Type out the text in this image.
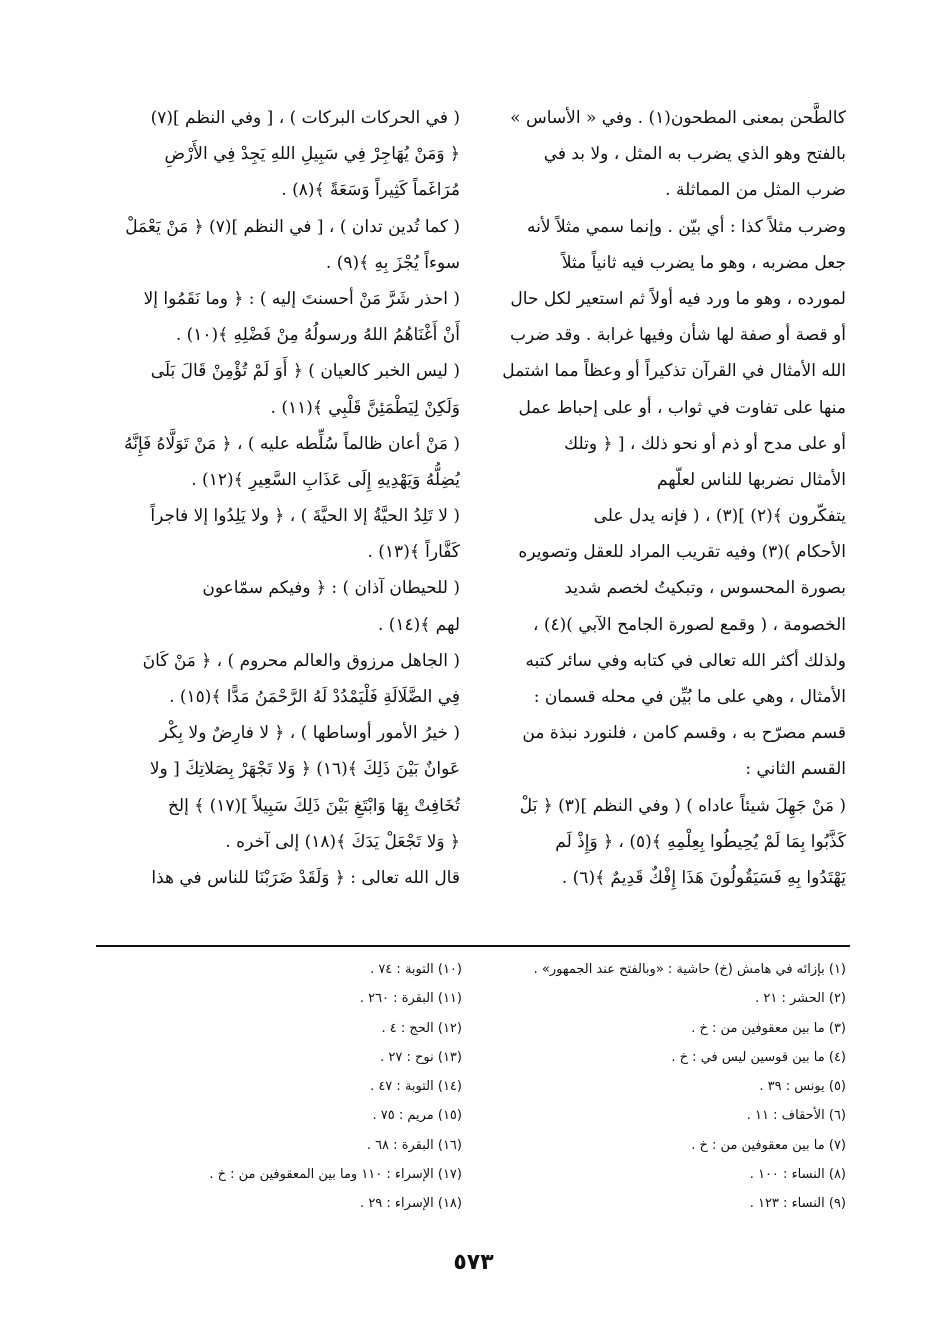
كالطَّحن بمعنى المطحون(١) . وفي « الأساس »
بالفتح وهو الذي يضرب به المثل ، ولا بد في
ضرب المثل من المماثلة .
وضرب مثلاً كذا : أي بيّن . وإنما سمي مثلاً لأنه
جعل مضربه ، وهو ما يضرب فيه ثانياً مثلاً
لمورده ، وهو ما ورد فيه أولاً ثم استعير لكل حال
أو قصة أو صفة لها شأن وفيها غرابة . وقد ضرب
الله الأمثال في القرآن تذكيراً أو وعظاً مما اشتمل
منها على تفاوت في ثواب ، أو على إحباط عمل
أو على مدح أو ذم أو نحو ذلك ، [ ﴿ وتلك
الأمثال نضربها للناس لعلّهم
يتفكّرون ﴾(٢) ](٣) ، ( فإنه يدل على
الأحكام )(٣) وفيه تقريب المراد للعقل وتصويره
بصورة المحسوس ، وتبكيتُ لخصم شديد
الخصومة ، ( وقمع لصورة الجامح الآبي )(٤) ،
ولذلك أكثر الله تعالى في كتابه وفي سائر كتبه
الأمثال ، وهي على ما بُيِّن في محله قسمان :
قسم مصرّح به ، وقسم كامن ، فلنورد نبذة من
القسم الثاني :
( مَنْ جَهِلَ شيئاً عاداه ) ( وفي النظم ](٣) ﴿ بَلْ
كَذَّبُوا بِمَا لَمْ يُحِيطُوا بِعِلْمِهِ ﴾(٥) ، ﴿ وَإِذْ لَم
يَهْتَدُوا بِهِ فَسَيَقُولُونَ هَذَا إِفْكٌ قَدِيمٌ ﴾(٦) .
( في الحركات البركات ) ، [ وفي النظم ](٧)
﴿ وَمَنْ يُهَاجِرْ فِي سَبِيلِ اللهِ يَجِدْ فِي الأَرْضِ
مُرَاغَماً كَثِيراً وَسَعَةً ﴾(٨) .
( كما تُدين تدان ) ، [ في النظم ](٧) ﴿ مَنْ يَعْمَلْ
سوءاً يُجْزَ بِهِ ﴾(٩) .
( احذر شَرَّ مَنْ أحسنتَ إليه ) : ﴿ وما نَقَمُوا إلا
أَنْ أَغْنَاهُمُ اللهُ ورسولُهُ مِنْ فَضْلِهِ ﴾(١٠) .
( ليس الخبر كالعيان ) ﴿ أَوَ لَمْ تُؤْمِنْ قَالَ بَلَى
وَلَكِنْ لِيَطْمَئِنَّ قَلْبِي ﴾(١١) .
( مَنْ أعان ظالماً سُلِّطه عليه ) ، ﴿ مَنْ تَوَلَّاهُ فَإِنَّهُ
يُضِلُّهُ وَيَهْدِيهِ إِلَى عَذَابِ السَّعِيرِ ﴾(١٢) .
( لا تَلِدُ الحيَّةُ إلا الحيَّةَ ) ، ﴿ ولا يَلِدُوا إلا فاجراً
كَفَّاراً ﴾(١٣) .
( للحيطان آذان ) : ﴿ وفيكم سمّاعون
لهم ﴾(١٤) .
( الجاهل مرزوق والعالم محروم ) ، ﴿ مَنْ كَانَ
فِي الضَّلَالَةِ فَلْيَمْدُدْ لَهُ الرَّحْمَنُ مَدًّا ﴾(١٥) .
( خيرُ الأمور أوساطها ) ، ﴿ لا فارِضٌ ولا بِكْر
عَوانٌ بَيْنَ ذَلِكَ ﴾(١٦) ﴿ وَلا تَجْهَرْ بِصَلاتِكَ [ ولا
تُخَافِتْ بِهَا وَابْتَغِ بَيْنَ ذَلِكَ سَبِيلاً ](١٧) ﴾ إلخ
﴿ وَلا تَجْعَلْ يَدَكَ ﴾(١٨) إلى آخره .
قال الله تعالى : ﴿ وَلَقَدْ ضَرَبْنَا للناس في هذا
(١) بإزائه في هامش (خ) حاشية : «وبالفتح عند الجمهور» .
(٢) الحشر : ٢١ .
(٣) ما بين معقوفين من : خ .
(٤) ما بين قوسين ليس في : خ .
(٥) يونس : ٣٩ .
(٦) الأحقاف : ١١ .
(٧) ما بين معقوفين من : خ .
(٨) النساء : ١٠٠ .
(٩) النساء : ١٢٣ .
(١٠) التوبة : ٧٤ .
(١١) البقرة : ٢٦٠ .
(١٢) الحج : ٤ .
(١٣) نوح : ٢٧ .
(١٤) التوبة : ٤٧ .
(١٥) مريم : ٧٥ .
(١٦) البقرة : ٦٨ .
(١٧) الإسراء : ١١٠ وما بين المعقوفين من : خ .
(١٨) الإسراء : ٢٩ .
٥٧٣
